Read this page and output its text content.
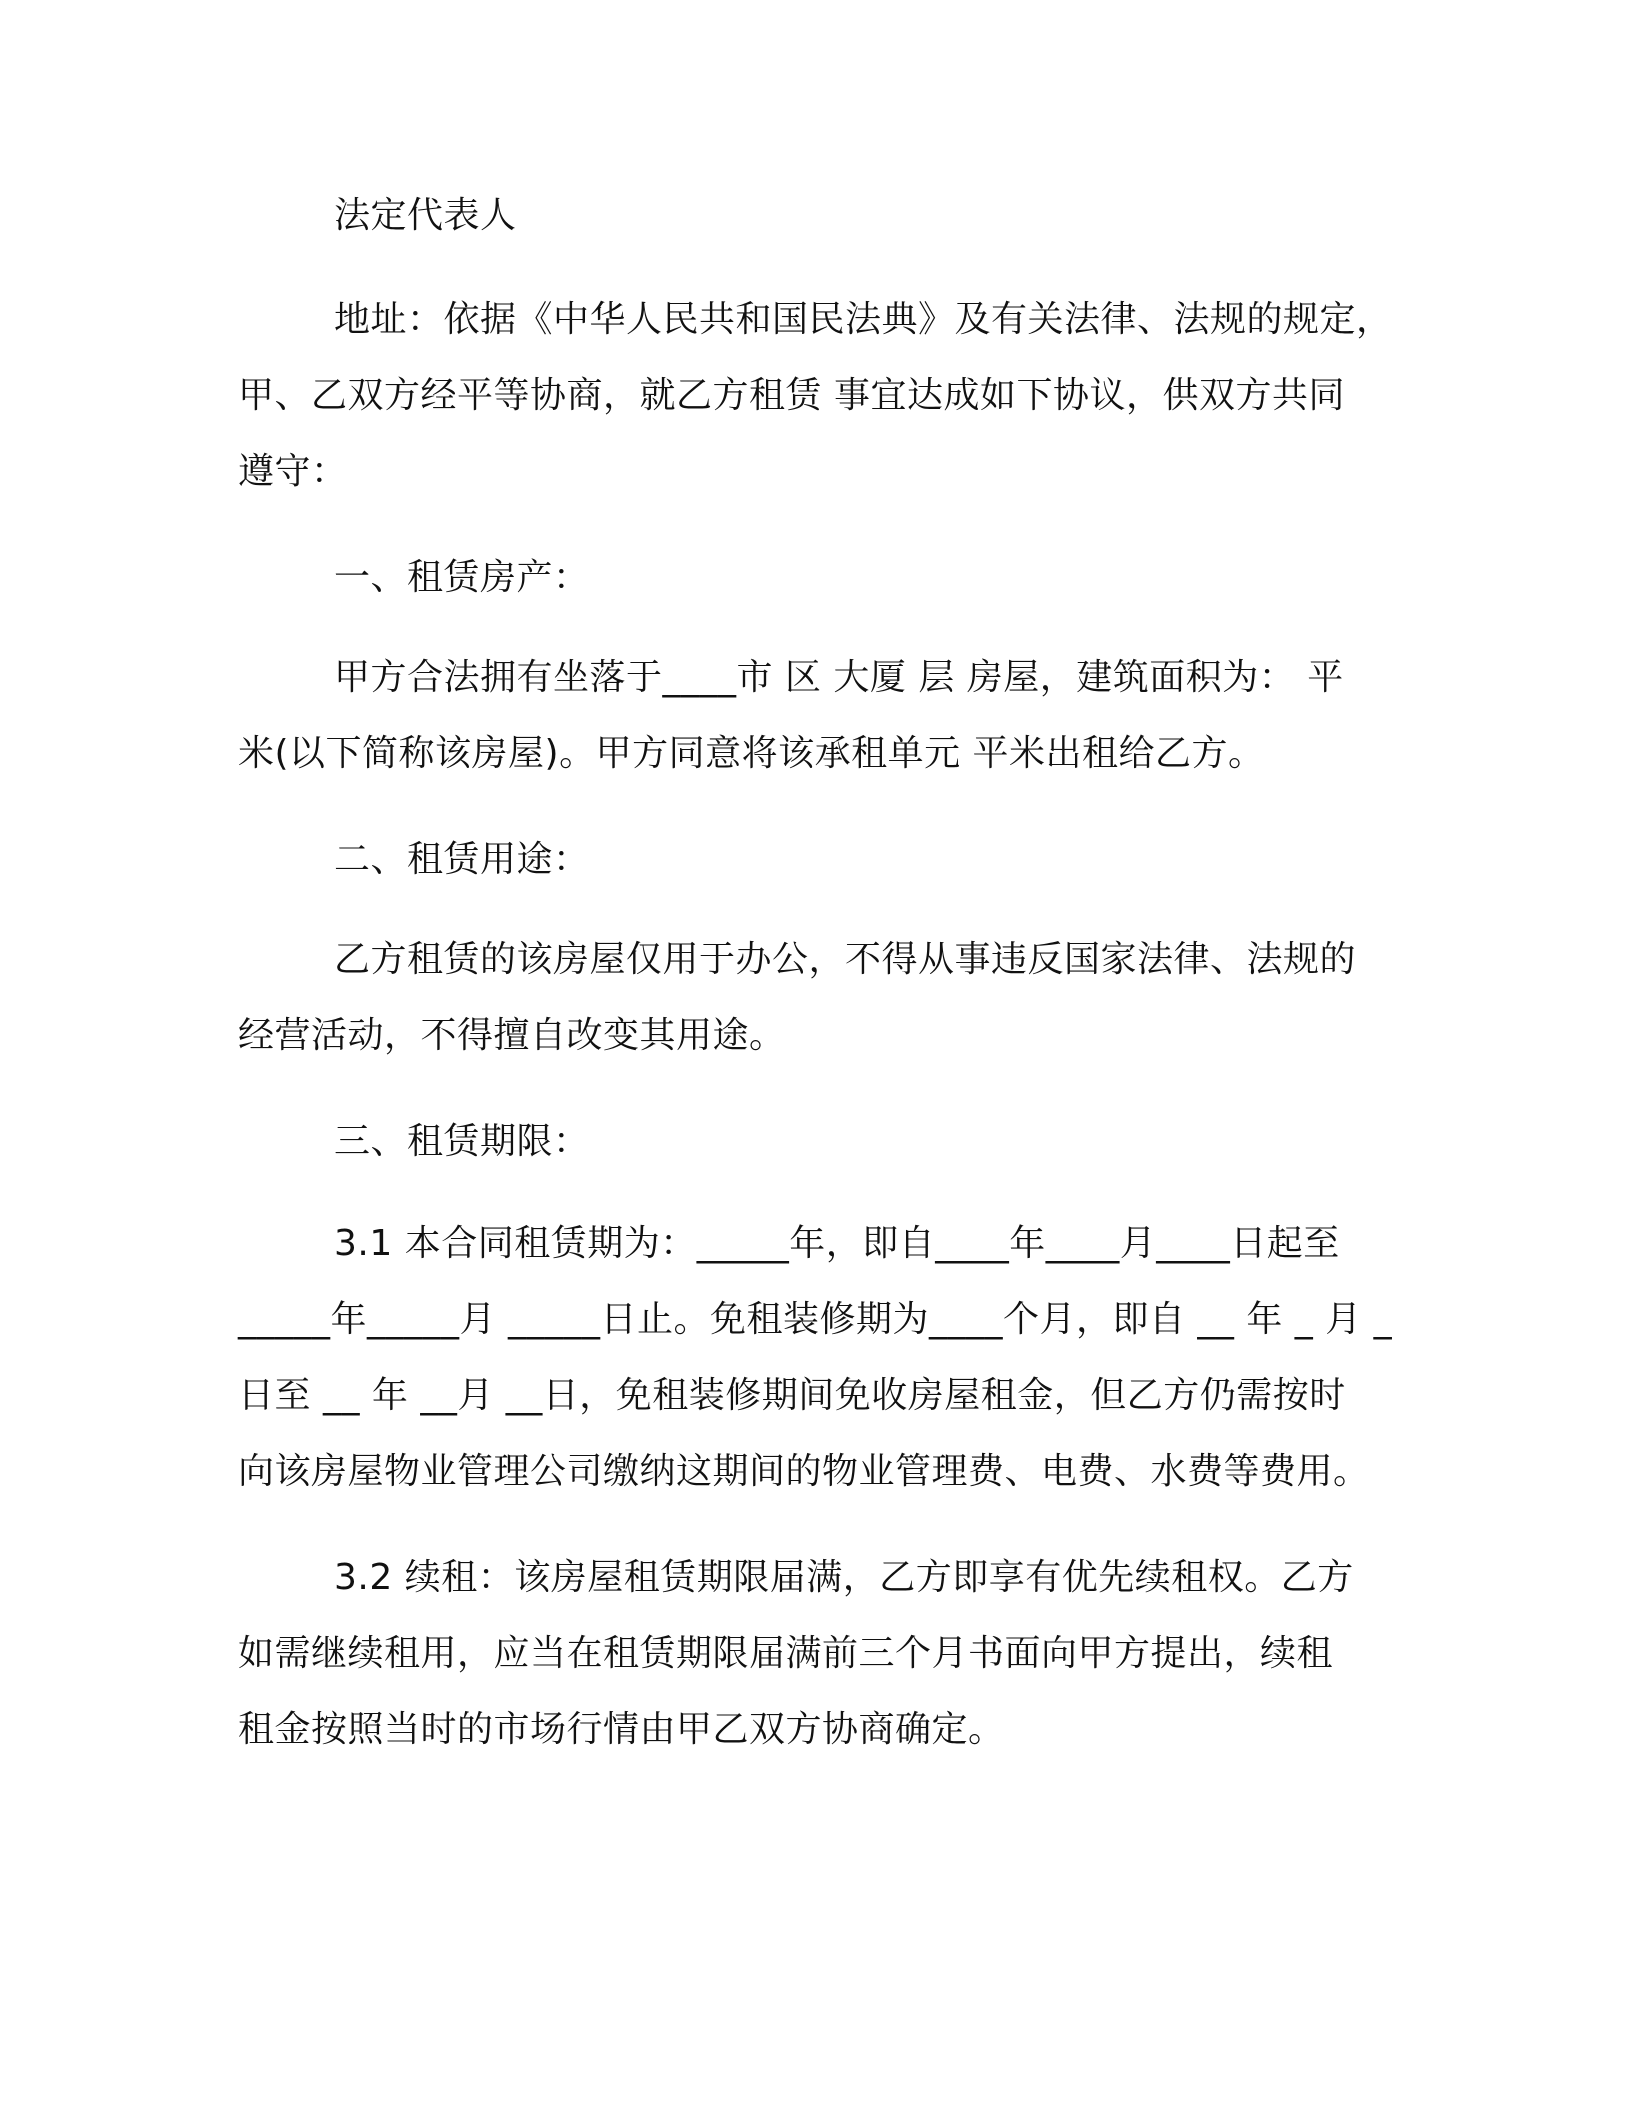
法定代表人
地址：依据《中华人民共和国民法典》及有关法律、法规的规定，
甲、乙双方经平等协商，就乙方租赁 事宜达成如下协议，供双方共同
遵守：
一、租赁房产：
甲方合法拥有坐落于____市 区 大厦 层 房屋，建筑面积为： 平
米(以下简称该房屋)。甲方同意将该承租单元 平米出租给乙方。
二、租赁用途：
乙方租赁的该房屋仅用于办公，不得从事违反国家法律、法规的
经营活动，不得擅自改变其用途。
三、租赁期限：
3.1 本合同租赁期为：_____年，即自____年____月____日起至
_____年_____月 _____日止。免租装修期为____个月，即自 __ 年 _ 月 _
日至 __ 年 __月 __日，免租装修期间免收房屋租金，但乙方仍需按时
向该房屋物业管理公司缴纳这期间的物业管理费、电费、水费等费用。
3.2 续租：该房屋租赁期限届满，乙方即享有优先续租权。乙方
如需继续租用，应当在租赁期限届满前三个月书面向甲方提出，续租
租金按照当时的市场行情由甲乙双方协商确定。
